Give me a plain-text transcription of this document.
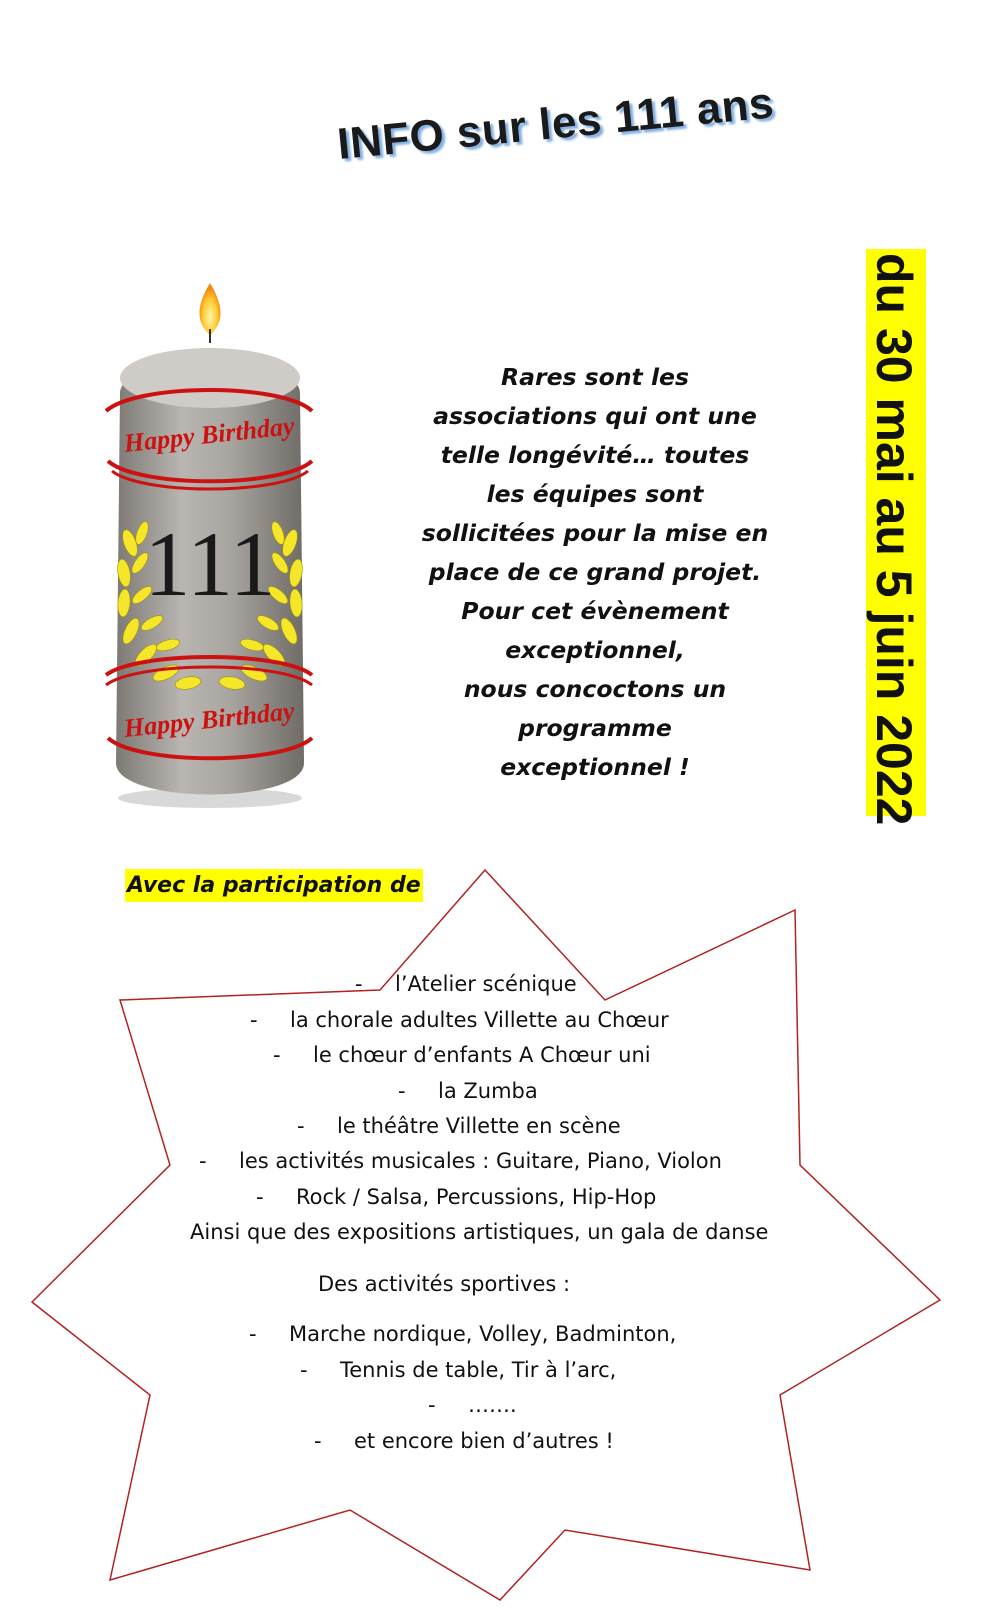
INFO sur les 111 ans
Happy Birthday
111
Happy Birthday
Rares sont les
associations qui ont une
telle longévité… toutes
les équipes sont
sollicitées pour la mise en
place de ce grand projet.
Pour cet évènement
exceptionnel,
nous concoctons un
programme
exceptionnel !	du 30 mai au 5 juin 2022
Avec la participation de
- l’Atelier scénique
- la chorale adultes Villette au Chœur
- le chœur d’enfants A Chœur uni
- la Zumba
- le théâtre Villette en scène
- les activités musicales : Guitare, Piano, Violon
- Rock / Salsa, Percussions, Hip-Hop
Ainsi que des expositions artistiques, un gala de danse
Des activités sportives :
- Marche nordique, Volley, Badminton,
- Tennis de table, Tir à l’arc,
- …….
- et encore bien d’autres !
